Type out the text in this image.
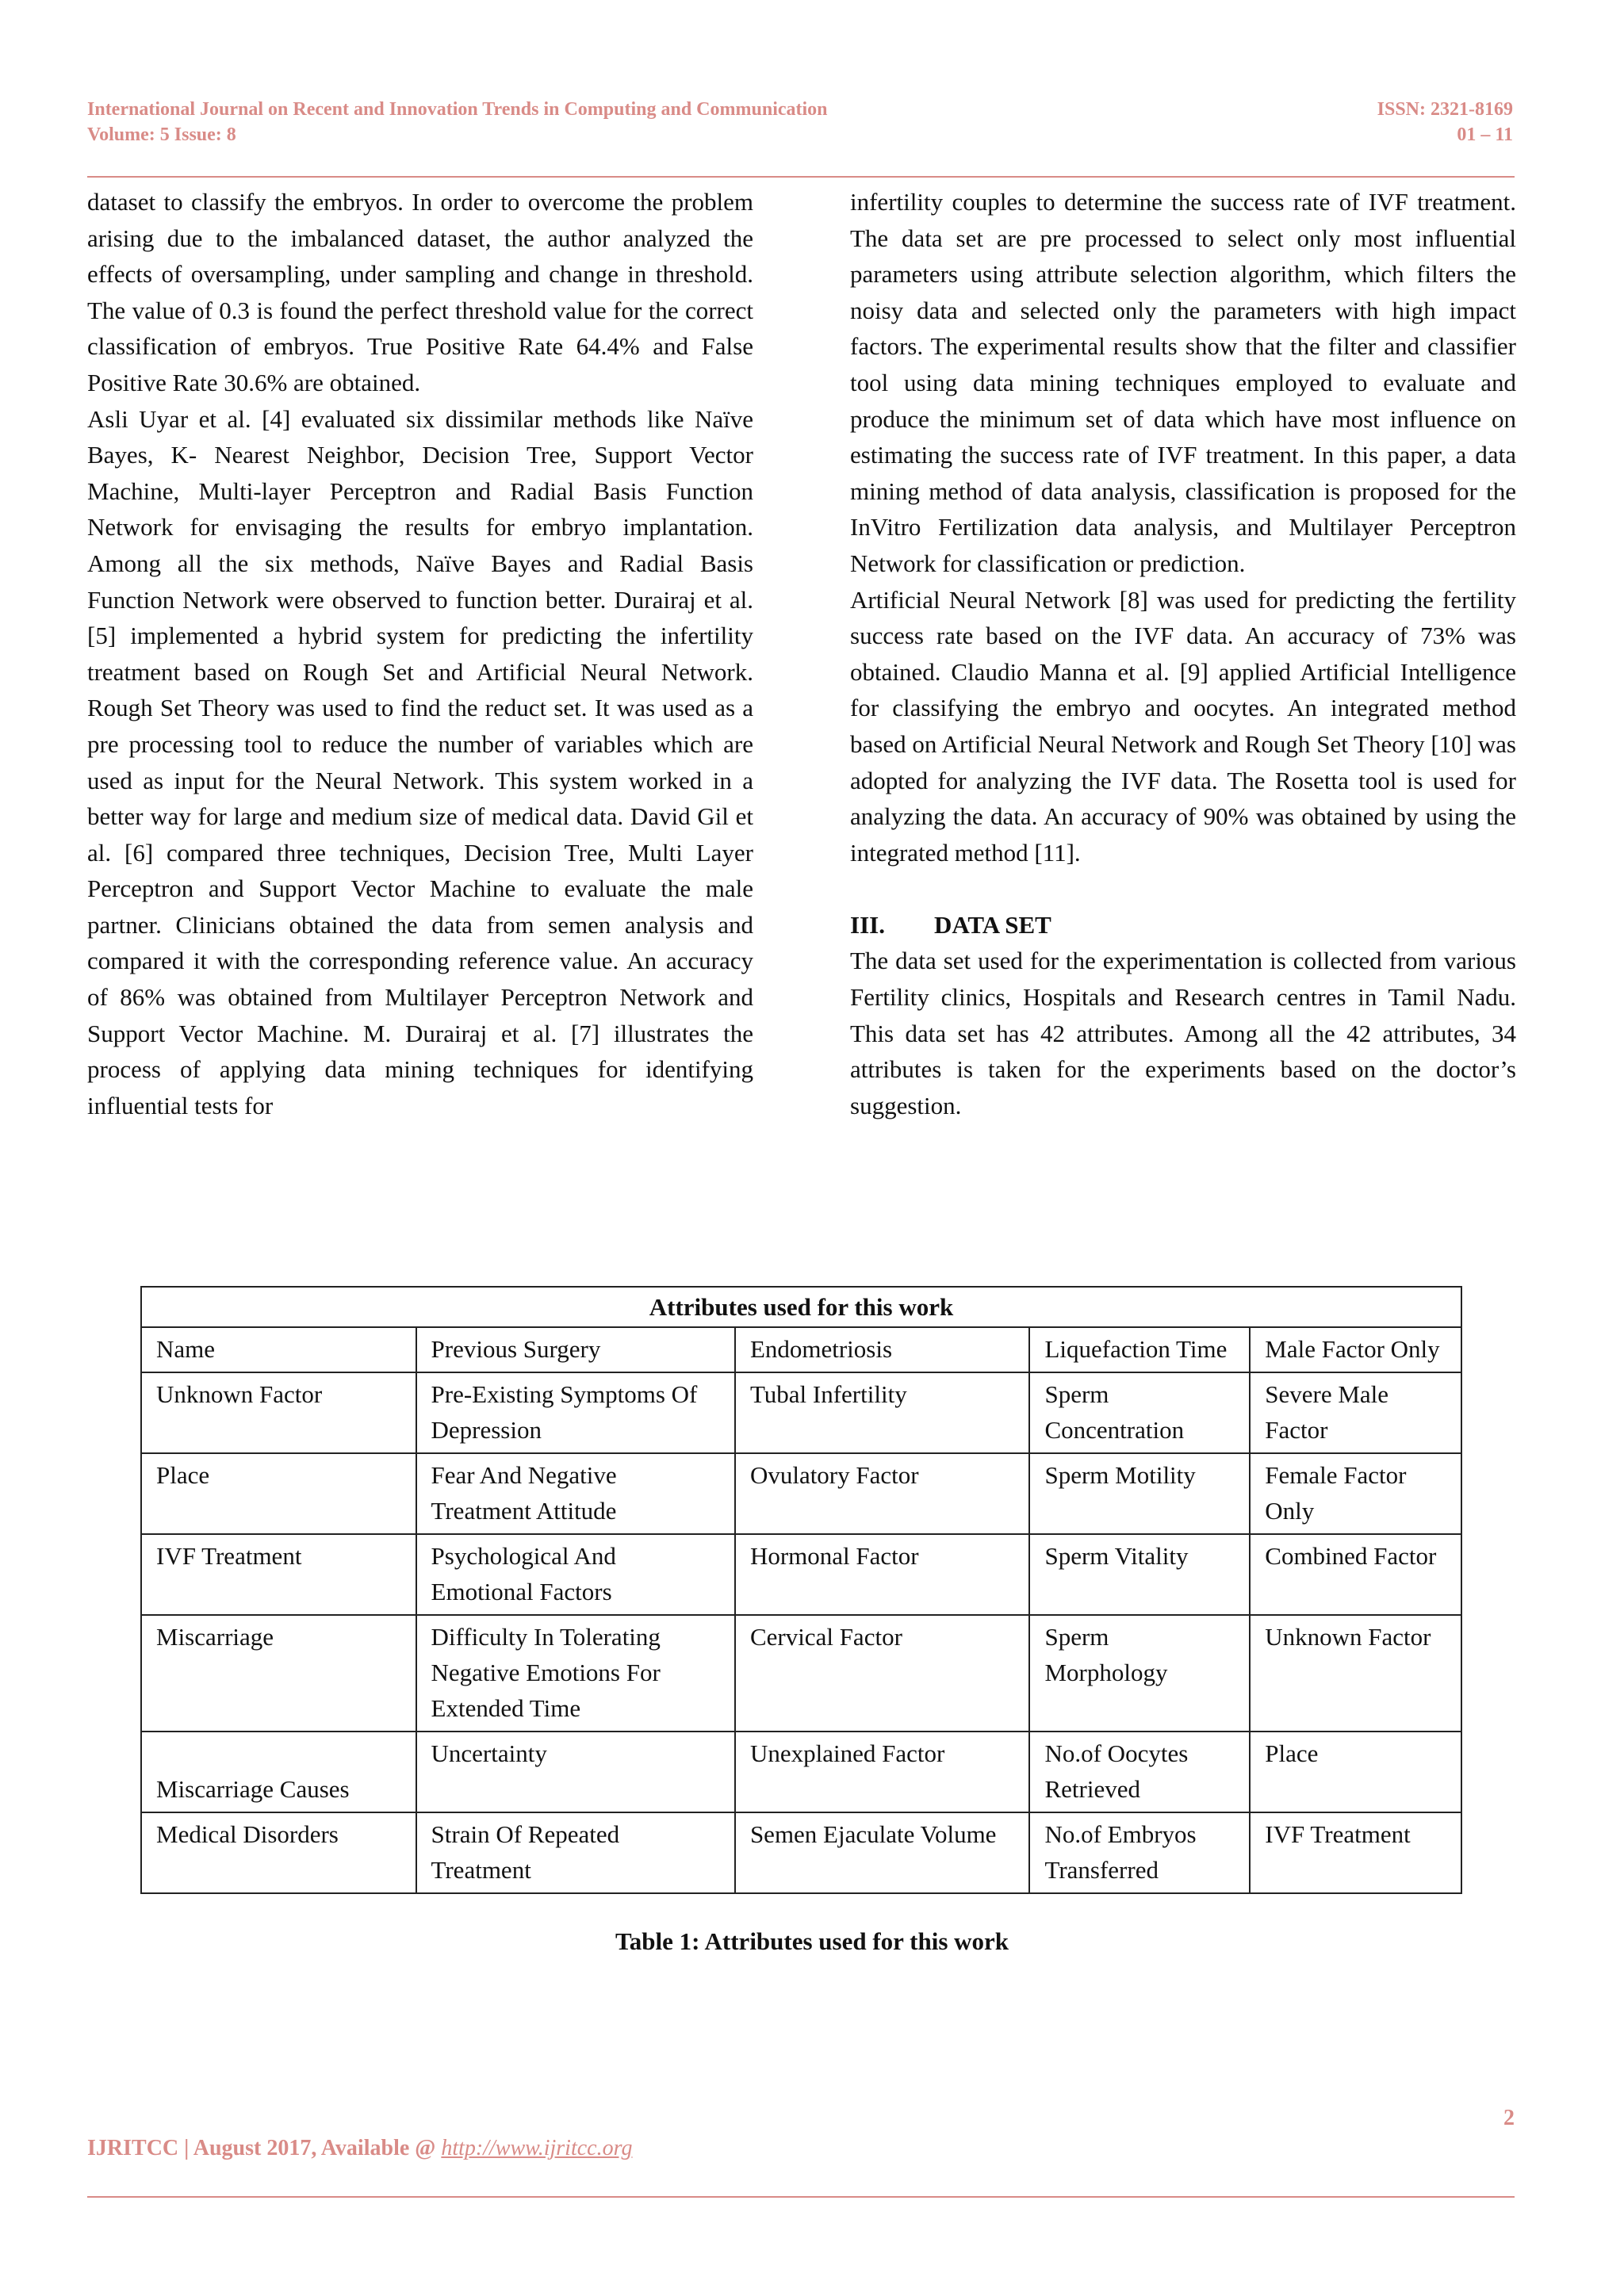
International Journal on Recent and Innovation Trends in Computing and Communication
Volume: 5 Issue: 8
ISSN: 2321-8169
01 – 11

dataset to classify the embryos. In order to overcome the problem arising due to the imbalanced dataset, the author analyzed the effects of oversampling, under sampling and change in threshold. The value of 0.3 is found the perfect threshold value for the correct classification of embryos. True Positive Rate 64.4% and False Positive Rate 30.6% are obtained.

Asli Uyar et al. [4] evaluated six dissimilar methods like Naïve Bayes, K- Nearest Neighbor, Decision Tree, Support Vector Machine, Multi-layer Perceptron and Radial Basis Function Network for envisaging the results for embryo implantation. Among all the six methods, Naïve Bayes and Radial Basis Function Network were observed to function better. Durairaj et al. [5] implemented a hybrid system for predicting the infertility treatment based on Rough Set and Artificial Neural Network. Rough Set Theory was used to find the reduct set. It was used as a pre processing tool to reduce the number of variables which are used as input for the Neural Network. This system worked in a better way for large and medium size of medical data. David Gil et al. [6] compared three techniques, Decision Tree, Multi Layer Perceptron and Support Vector Machine to evaluate the male partner. Clinicians obtained the data from semen analysis and compared it with the corresponding reference value. An accuracy of 86% was obtained from Multilayer Perceptron Network and Support Vector Machine. M. Durairaj et al. [7] illustrates the process of applying data mining techniques for identifying influential tests for

infertility couples to determine the success rate of IVF treatment. The data set are pre processed to select only most influential parameters using attribute selection algorithm, which filters the noisy data and selected only the parameters with high impact factors. The experimental results show that the filter and classifier tool using data mining techniques employed to evaluate and produce the minimum set of data which have most influence on estimating the success rate of IVF treatment. In this paper, a data mining method of data analysis, classification is proposed for the InVitro Fertilization data analysis, and Multilayer Perceptron Network for classification or prediction.

Artificial Neural Network [8] was used for predicting the fertility success rate based on the IVF data. An accuracy of 73% was obtained. Claudio Manna et al. [9] applied Artificial Intelligence for classifying the embryo and oocytes. An integrated method based on Artificial Neural Network and Rough Set Theory [10] was adopted for analyzing the IVF data. The Rosetta tool is used for analyzing the data. An accuracy of 90% was obtained by using the integrated method [11].

III. DATA SET

The data set used for the experimentation is collected from various Fertility clinics, Hospitals and Research centres in Tamil Nadu. This data set has 42 attributes. Among all the 42 attributes, 34 attributes is taken for the experiments based on the doctor’s suggestion.

Attributes used for this work				
Name	Previous Surgery	Endometriosis	Liquefaction Time	Male Factor Only
Unknown Factor	Pre-Existing Symptoms Of Depression	Tubal Infertility	Sperm Concentration	Severe Male Factor
Place	Fear And Negative Treatment Attitude	Ovulatory Factor	Sperm Motility	Female Factor Only
IVF Treatment	Psychological And Emotional Factors	Hormonal Factor	Sperm Vitality	Combined Factor
Miscarriage	Difficulty In Tolerating Negative Emotions For Extended Time	Cervical Factor	Sperm Morphology	Unknown Factor
Miscarriage Causes	Uncertainty	Unexplained Factor	No.of Oocytes Retrieved	Place
Medical Disorders	Strain Of Repeated Treatment	Semen Ejaculate Volume	No.of Embryos Transferred	IVF Treatment
Table 1: Attributes used for this work
2
IJRITCC | August 2017, Available @ http://www.ijritcc.org
